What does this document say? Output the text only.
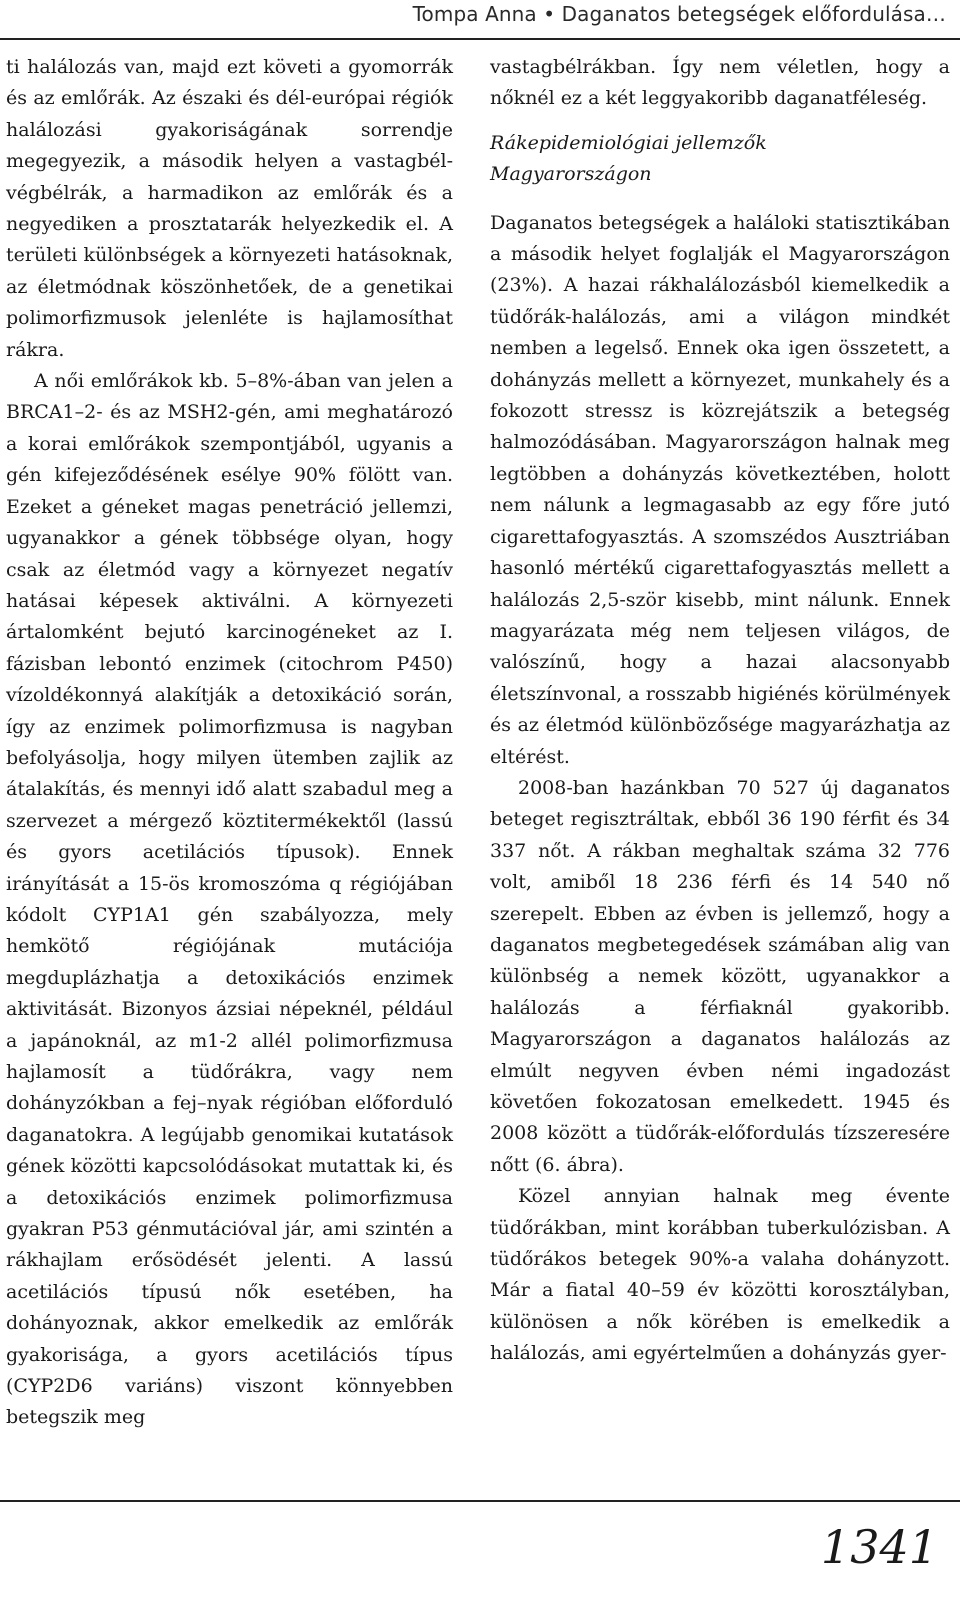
Tompa Anna • Daganatos betegségek előfordulása…

ti halálozás van, majd ezt követi a gyomorrák és az emlőrák. Az északi és dél-európai régiók halálozási gyakoriságának sorrendje megegyezik, a második helyen a vastagbél-végbélrák, a harmadikon az emlőrák és a negyediken a prosztatarák helyezkedik el. A területi különbségek a környezeti hatásoknak, az életmódnak köszönhetőek, de a genetikai polimorfizmusok jelenléte is hajlamosíthat rákra.

A női emlőrákok kb. 5–8%-ában van jelen a BRCA1–2- és az MSH2-gén, ami meghatározó a korai emlőrákok szempontjából, ugyanis a gén kifejeződésének esélye 90% fölött van. Ezeket a géneket magas penetráció jellemzi, ugyanakkor a gének többsége olyan, hogy csak az életmód vagy a környezet negatív hatásai képesek aktiválni. A környezeti ártalomként bejutó karcinogéneket az I. fázisban lebontó enzimek (citochrom P450) vízoldékonnyá alakítják a detoxikáció során, így az enzimek polimorfizmusa is nagyban befolyásolja, hogy milyen ütemben zajlik az átalakítás, és mennyi idő alatt szabadul meg a szervezet a mérgező köztitermékektől (lassú és gyors acetilációs típusok). Ennek irányítását a 15-ös kromoszóma q régiójában kódolt CYP1A1 gén szabályozza, mely hemkötő régiójának mutációja megduplázhatja a detoxikációs enzimek aktivitását. Bizonyos ázsiai népeknél, például a japánoknál, az m1-2 allél polimorfizmusa hajlamosít a tüdőrákra, vagy nem dohányzókban a fej–nyak régióban előforduló daganatokra. A legújabb genomikai kutatások gének közötti kapcsolódásokat mutattak ki, és a detoxikációs enzimek polimorfizmusa gyakran P53 génmutációval jár, ami szintén a rákhajlam erősödését jelenti. A lassú acetilációs típusú nők esetében, ha dohányoznak, akkor emelkedik az emlőrák gyakorisága, a gyors acetilációs típus (CYP2D6 variáns) viszont könnyebben betegszik meg

vastagbélrákban. Így nem véletlen, hogy a nőknél ez a két leggyakoribb daganatféleség.

Rákepidemiológiai jellemzők
Magyarországon

Daganatos betegségek a haláloki statisztikában a második helyet foglalják el Magyarországon (23%). A hazai rákhalálozásból kiemelkedik a tüdőrák-halálozás, ami a világon mindkét nemben a legelső. Ennek oka igen összetett, a dohányzás mellett a környezet, munkahely és a fokozott stressz is közrejátszik a betegség halmozódásában. Magyarországon halnak meg legtöbben a dohányzás következtében, holott nem nálunk a legmagasabb az egy főre jutó cigarettafogyasztás. A szomszédos Ausztriában hasonló mértékű cigarettafogyasztás mellett a halálozás 2,5-ször kisebb, mint nálunk. Ennek magyarázata még nem teljesen világos, de valószínű, hogy a hazai alacsonyabb életszínvonal, a rosszabb higiénés körülmények és az életmód különbözősége magyarázhatja az eltérést.

2008-ban hazánkban 70 527 új daganatos beteget regisztráltak, ebből 36 190 férfit és 34 337 nőt. A rákban meghaltak száma 32 776 volt, amiből 18 236 férfi és 14 540 nő szerepelt. Ebben az évben is jellemző, hogy a daganatos megbetegedések számában alig van különbség a nemek között, ugyanakkor a halálozás a férfiaknál gyakoribb. Magyarországon a daganatos halálozás az elmúlt negyven évben némi ingadozást követően fokozatosan emelkedett. 1945 és 2008 között a tüdőrák-előfordulás tízszeresére nőtt (6. ábra).

Közel annyian halnak meg évente tüdőrákban, mint korábban tuberkulózisban. A tüdőrákos betegek 90%-a valaha dohányzott. Már a fiatal 40–59 év közötti korosztályban, különösen a nők körében is emelkedik a halálozás, ami egyértelműen a dohányzás gyer-

1341
